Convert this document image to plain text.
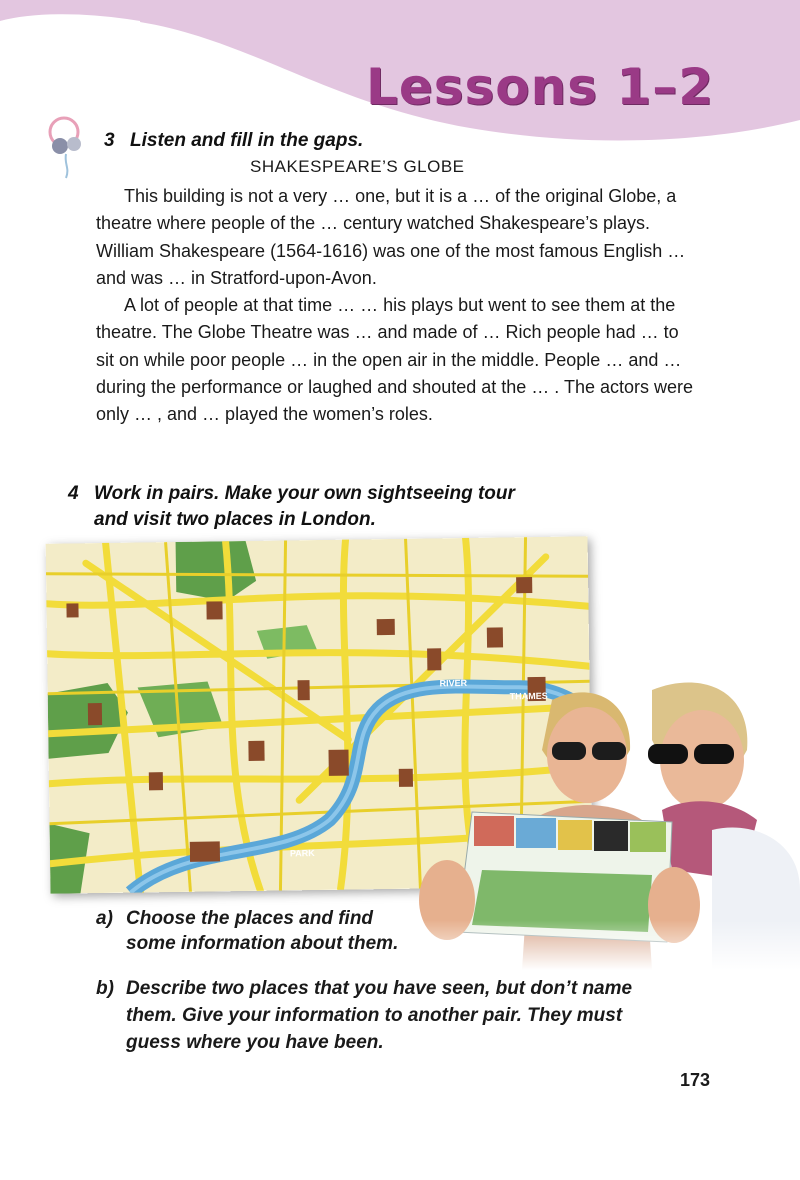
Lessons 1–2
3 Listen and fill in the gaps.
SHAKESPEARE’S GLOBE

This building is not a very … one, but it is a … of the original Globe, a theatre where people of the … century watched Shakespeare’s plays. William Shakespeare (1564-1616) was one of the most famous English … and was … in Stratford-upon-Avon.

A lot of people at that time … … his plays but went to see them at the theatre. The Globe Theatre was … and made of … Rich people had … to sit on while poor people … in the open air in the middle. People … and … during the performance or laughed and shouted at the … . The actors were only … , and … played the women’s roles.

4 Work in pairs. Make your own sightseeing tour
and visit two places in London.
RIVER
THAMES
PARK
a) Choose the places and find
some information about them.
b) Describe two places that you have seen, but don’t name
them. Give your information to another pair. They must
guess where you have been.
173
